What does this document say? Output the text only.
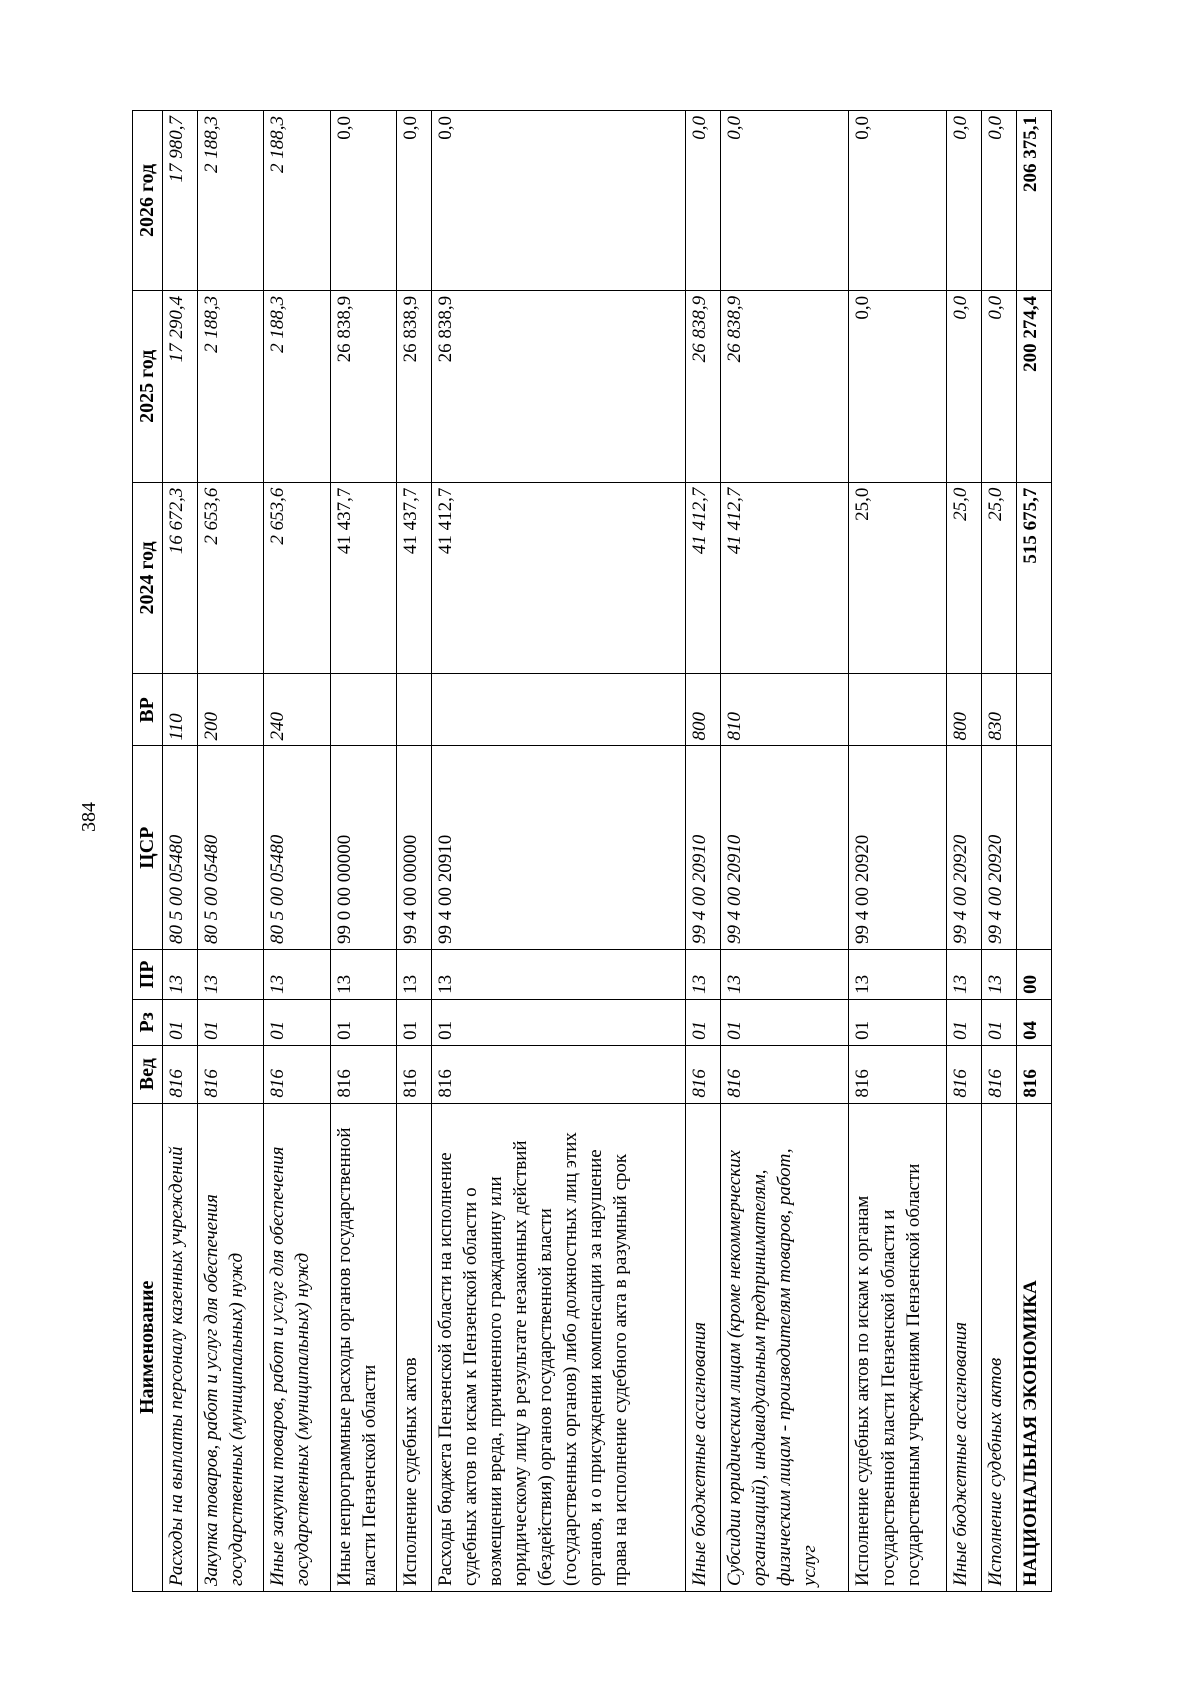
384
Наименование	Вед	Рз	ПР	ЦСР	ВР	2024 год	2025 год	2026 год
Расходы на выплаты персоналу казенных учреждений	816	01	13	80 5 00 05480	110	16 672,3	17 290,4	17 980,7
Закупка товаров, работ и услуг для обеспечения государственных (муниципальных) нужд	816	01	13	80 5 00 05480	200	2 653,6	2 188,3	2 188,3
Иные закупки товаров, работ и услуг для обеспечения государственных (муниципальных) нужд	816	01	13	80 5 00 05480	240	2 653,6	2 188,3	2 188,3
Иные непрограммные расходы органов государственной власти Пензенской области	816	01	13	99 0 00 00000		41 437,7	26 838,9	0,0
Исполнение судебных актов	816	01	13	99 4 00 00000		41 437,7	26 838,9	0,0
Расходы бюджета Пензенской области на исполнение судебных актов по искам к Пензенской области о возмещении вреда, причиненного гражданину или юридическому лицу в результате незаконных действий (бездействия) органов государственной власти (государственных органов) либо должностных лиц этих органов, и о присуждении компенсации за нарушение права на исполнение судебного акта в разумный срок	816	01	13	99 4 00 20910		41 412,7	26 838,9	0,0
Иные бюджетные ассигнования	816	01	13	99 4 00 20910	800	41 412,7	26 838,9	0,0
Субсидии юридическим лицам (кроме некоммерческих организаций), индивидуальным предпринимателям, физическим лицам - производителям товаров, работ, услуг	816	01	13	99 4 00 20910	810	41 412,7	26 838,9	0,0
Исполнение судебных актов по искам к органам государственной власти Пензенской области и государственным учреждениям Пензенской области	816	01	13	99 4 00 20920		25,0	0,0	0,0
Иные бюджетные ассигнования	816	01	13	99 4 00 20920	800	25,0	0,0	0,0
Исполнение судебных актов	816	01	13	99 4 00 20920	830	25,0	0,0	0,0
НАЦИОНАЛЬНАЯ ЭКОНОМИКА	816	04	00			515 675,7	200 274,4	206 375,1
